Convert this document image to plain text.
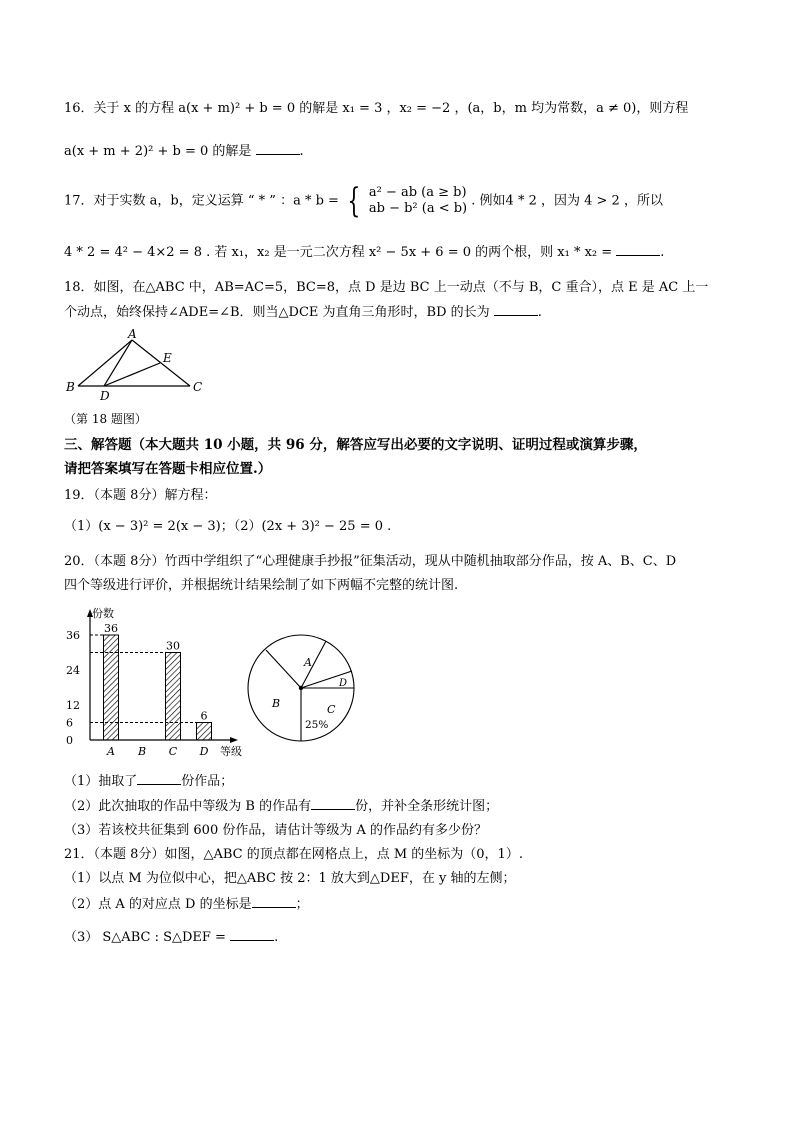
16．关于 x 的方程 a(x + m)² + b = 0 的解是 x₁ = 3 ，x₂ = −2 ，(a，b，m 均为常数，a ≠ 0)，则方程
a(x + m + 2)² + b = 0 的解是	.
17．对于实数 a，b，定义运算 “ * ” ：a * b = { a² − ab (a ≥ b)
ab − b² (a < b) . 例如4 * 2 ，因为 4 > 2 ，所以
4 * 2 = 4² − 4×2 = 8 . 若 x₁，x₂ 是一元二次方程 x² − 5x + 6 = 0 的两个根，则 x₁ * x₂ =	.
18．如图，在△ABC 中，AB=AC=5，BC=8，点 D 是边 BC 上一动点（不与 B，C 重合），点 E 是 AC 上一
个动点，始终保持∠ADE=∠B．则当△DCE 为直角三角形时，BD 的长为	.
A
B	C
D
E
（第 18 题图）
三、解答题（本大题共 10 小题，共 96 分，解答应写出必要的文字说明、证明过程或演算步骤，
请把答案填写在答题卡相应位置.）
19．（本题 8分）解方程：
（1）(x − 3)² = 2(x − 3)；（2）(2x + 3)² − 25 = 0 .
20．（本题 8分）竹西中学组织了“心理健康手抄报”征集活动，现从中随机抽取部分作品，按 A、B、C、D
四个等级进行评价，并根据统计结果绘制了如下两幅不完整的统计图.
0
6
12
24
36
36
A B
30
C
6
D
份数
等级
A
B	C
D
25%
（1）抽取了	份作品；
（2）此次抽取的作品中等级为 B 的作品有	份，并补全条形统计图；
（3）若该校共征集到 600 份作品，请估计等级为 A 的作品约有多少份？
21．（本题 8分）如图，△ABC 的顶点都在网格点上，点 M 的坐标为（0，1）.
（1）以点 M 为位似中心，把△ABC 按 2：1 放大到△DEF，在 y 轴的左侧；
（2）点 A 的对应点 D 的坐标是	；
（3） S△ABC : S△DEF =	.
